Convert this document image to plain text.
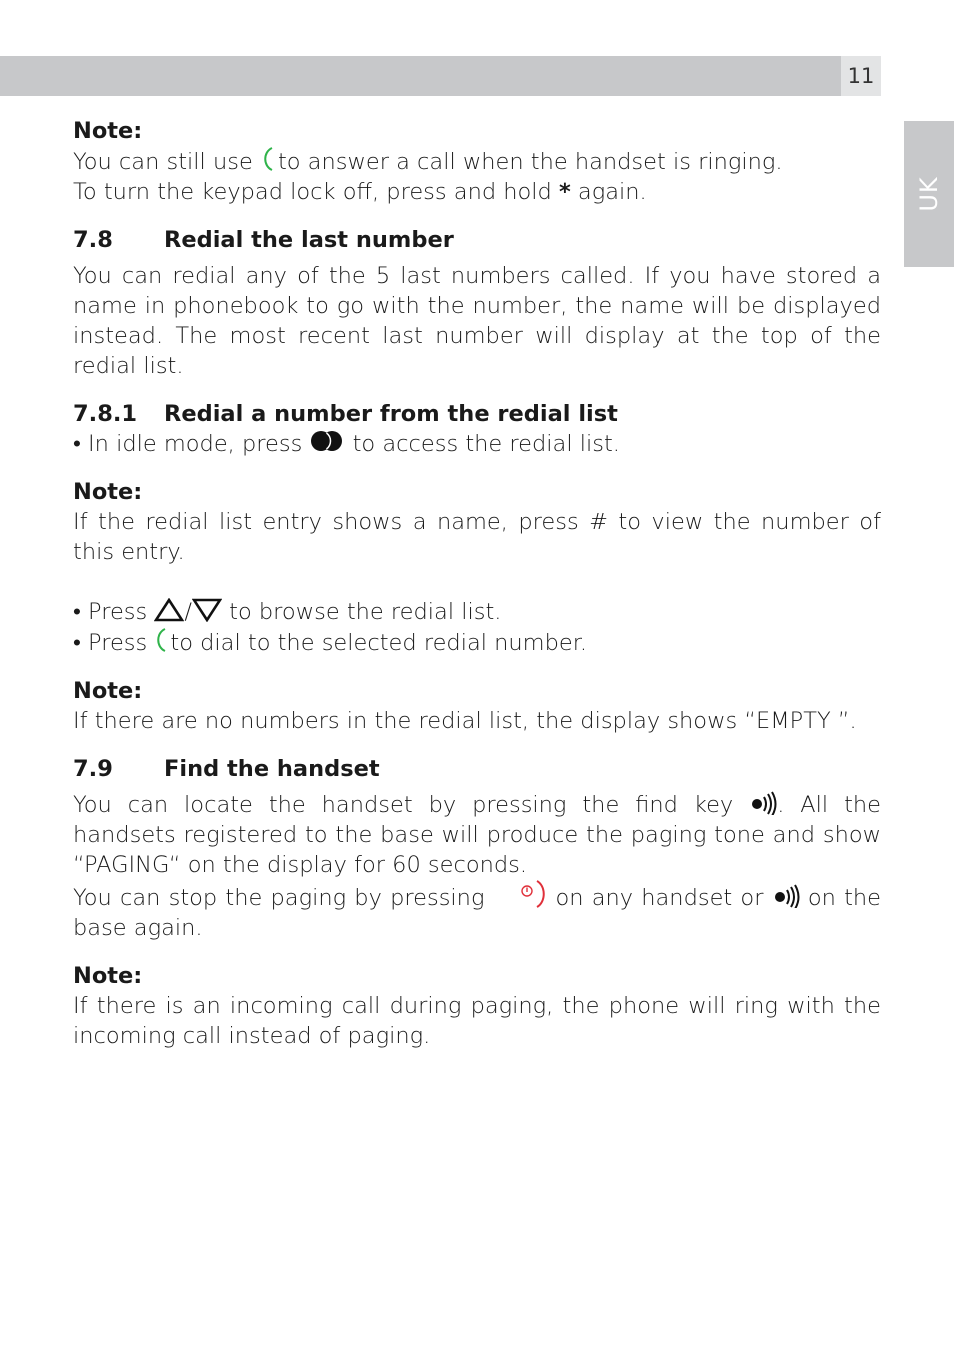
11
UK

Note:

You can still use to answer a call when the handset is ringing.
To turn the keypad lock off, press and hold * again.

7.8	Redial the last number

You can redial any of the 5 last numbers called. If you have stored a name in phonebook to go with the number, the name will be displayed instead. The most recent last number will display at the top of the redial list.

7.8.1	Redial a number from the redial list

• In idle mode, press to access the redial list.

Note:

If the redial list entry shows a name, press # to view the number of this entry.

• Press / to browse the redial list.
• Press to dial to the selected redial number.

Note:

If there are no numbers in the redial list, the display shows “EMPTY ”.

7.9	Find the handset

You can locate the handset by pressing the find key . All the handsets registered to the base will produce the paging tone and show “PAGING“ on the display for 60 seconds.
You can stop the paging by pressing	on any handset or on the base again.

Note:

If there is an incoming call during paging, the phone will ring with the incoming call instead of paging.
